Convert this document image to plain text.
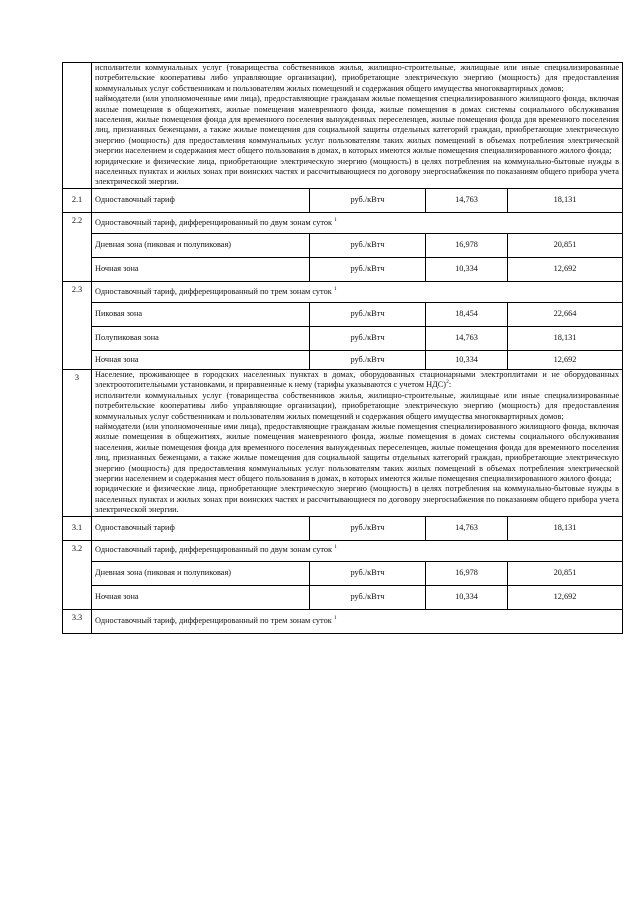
	исполнители коммунальных услуг (товарищества собственников жилья, жилищно-строительные, жилищные или иные специализированные потребительские кооперативы либо управляющие организации), приобретающие электрическую энергию (мощность) для предоставления коммунальных услуг собственникам и пользователям жилых помещений и содержания общего имущества многоквартирных домов;

наймодатели (или уполномоченные ими лица), предоставляющие гражданам жилые помещения специализированного жилищного фонда, включая жилые помещения в общежитиях, жилые помещения маневренного фонда, жилые помещения в домах системы социального обслуживания населения, жилые помещения фонда для временного поселения вынужденных переселенцев, жилые помещения фонда для временного поселения лиц, признанных беженцами, а также жилые помещения для социальной защиты отдельных категорий граждан, приобретающие электрическую энергию (мощность) для предоставления коммунальных услуг пользователям таких жилых помещений в объемах потребления электрической энергии населением и содержания мест общего пользования в домах, в которых имеются жилые помещения специализированного жилого фонда;

юридические и физические лица, приобретающие электрическую энергию (мощность) в целях потребления на коммунально-бытовые нужды в населенных пунктах и жилых зонах при воинских частях и рассчитывающиеся по договору энергоснабжения по показаниям общего прибора учета электрической энергии.			

2.1	Одноставочный тариф	руб./кВтч	14,763	18,131
2.2	Одноставочный тариф, дифференцированный по двум зонам суток $^1$
	Дневная зона (пиковая и полупиковая)	руб./кВтч	16,978	20,851
	Ночная зона	руб./кВтч	10,334	12,692
2.3	Одноставочный тариф, дифференцированный по трем зонам суток $^1$
	Пиковая зона	руб./кВтч	18,454	22,664
	Полупиковая зона	руб./кВтч	14,763	18,131
	Ночная зона	руб./кВтч	10,334	12,692
3	Население, проживающее в городских населенных пунктах в домах, оборудованных стационарными электроплитами и не оборудованных электроотопительными установками, и приравненные к нему (тарифы указываются с учетом НДС)$^2$:

исполнители коммунальных услуг (товарищества собственников жилья, жилищно-строительные, жилищные или иные специализированные потребительские кооперативы либо управляющие организации), приобретающие электрическую энергию (мощность) для предоставления коммунальных услуг собственникам и пользователям жилых помещений и содержания общего имущества многоквартирных домов;

наймодатели (или уполномоченные ими лица), предоставляющие гражданам жилые помещения специализированного жилищного фонда, включая жилые помещения в общежитиях, жилые помещения маневренного фонда, жилые помещения в домах системы социального обслуживания населения, жилые помещения фонда для временного поселения вынужденных переселенцев, жилые помещения фонда для временного поселения лиц, признанных беженцами, а также жилые помещения для социальной защиты отдельных категорий граждан, приобретающие электрическую энергию (мощность) для предоставления коммунальных услуг пользователям таких жилых помещений в объемах потребления электрической энергии населением и содержания мест общего пользования в домах, в которых имеются жилые помещения специализированного жилого фонда;

юридические и физические лица, приобретающие электрическую энергию (мощность) в целях потребления на коммунально-бытовые нужды в населенных пунктах и жилых зонах при воинских частях и рассчитывающиеся по договору энергоснабжения по показаниям общего прибора учета электрической энергии.			

3.1	Одноставочный тариф	руб./кВтч	14,763	18,131
3.2	Одноставочный тариф, дифференцированный по двум зонам суток $^1$
	Дневная зона (пиковая и полупиковая)	руб./кВтч	16,978	20,851
	Ночная зона	руб./кВтч	10,334	12,692
3.3	Одноставочный тариф, дифференцированный по трем зонам суток $^1$
